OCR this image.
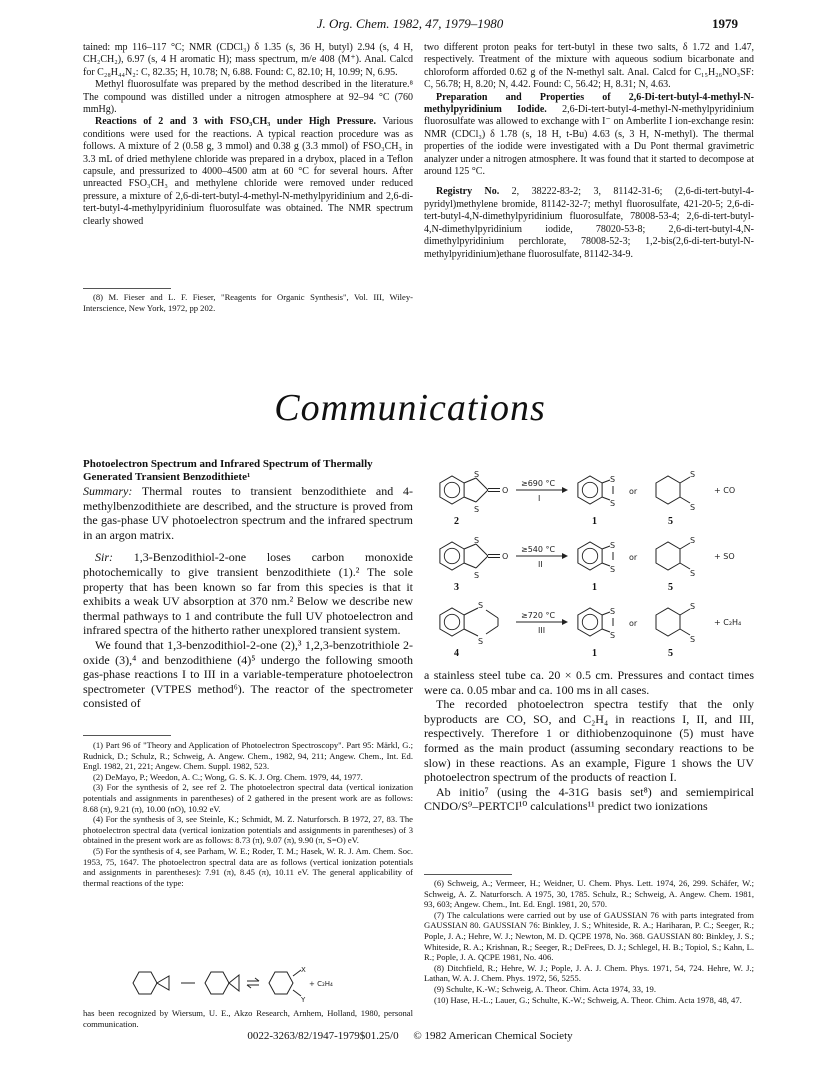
J. Org. Chem. 1982, 47, 1979–1980	1979

tained: mp 116–117 °C; NMR (CDCl₃) δ 1.35 (s, 36 H, butyl) 2.94 (s, 4 H, CH₂CH₂), 6.97 (s, 4 H aromatic H); mass spectrum, m/e 408 (M⁺). Anal. Calcd for C₂₈H₄₄N₂: C, 82.35; H, 10.78; N, 6.88. Found: C, 82.10; H, 10.99; N, 6.95.

Methyl fluorosulfate was prepared by the method described in the literature.⁸ The compound was distilled under a nitrogen atmosphere at 92–94 °C (760 mmHg).

Reactions of 2 and 3 with FSO₃CH₃ under High Pressure. Various conditions were used for the reactions. A typical reaction procedure was as follows. A mixture of 2 (0.58 g, 3 mmol) and 0.38 g (3.3 mmol) of FSO₃CH₃ in 3.3 mL of dried methylene chloride was prepared in a drybox, placed in a Teflon capsule, and pressurized to 4000–4500 atm at 60 °C for several hours. After unreacted FSO₃CH₃ and methylene chloride were removed under reduced pressure, a mixture of 2,6-di-tert-butyl-4-methyl-N-methylpyridinium and 2,6-di-tert-butyl-4-methylpyridinium fluorosulfate was obtained. The NMR spectrum clearly showed

(8) M. Fieser and L. F. Fieser, "Reagents for Organic Synthesis", Vol. III, Wiley-Interscience, New York, 1972, pp 202.

two different proton peaks for tert-butyl in these two salts, δ 1.72 and 1.47, respectively. Treatment of the mixture with aqueous sodium bicarbonate and chloroform afforded 0.62 g of the N-methyl salt. Anal. Calcd for C₁₅H₂₆NO₃SF: C, 56.78; H, 8.20; N, 4.42. Found: C, 56.42; H, 8.31; N, 4.63.

Preparation and Properties of 2,6-Di-tert-butyl-4-methyl-N-methylpyridinium Iodide. 2,6-Di-tert-butyl-4-methyl-N-methylpyridinium fluorosulfate was allowed to exchange with I⁻ on Amberlite I ion-exchange resin: NMR (CDCl₃) δ 1.78 (s, 18 H, t-Bu) 4.63 (s, 3 H, N-methyl). The thermal properties of the iodide were investigated with a Du Pont thermal gravimetric analyzer under a nitrogen atmosphere. It was found that it started to decompose at around 125 °C.

Registry No. 2, 38222-83-2; 3, 81142-31-6; (2,6-di-tert-butyl-4-pyridyl)methylene bromide, 81142-32-7; methyl fluorosulfate, 421-20-5; 2,6-di-tert-butyl-4,N-dimethylpyridinium fluorosulfate, 78008-53-4; 2,6-di-tert-butyl-4,N-dimethylpyridinium iodide, 78020-53-8; 2,6-di-tert-butyl-4,N-dimethylpyridinium perchlorate, 78008-52-3; 1,2-bis(2,6-di-tert-butyl-N-methylpyridinium)ethane fluorosulfate, 81142-34-9.

Communications

Photoelectron Spectrum and Infrared Spectrum of Thermally Generated Transient Benzodithiete¹

Summary: Thermal routes to transient benzodithiete and 4-methylbenzodithiete are described, and the structure is proved from the gas-phase UV photoelectron spectrum and the infrared spectrum in an argon matrix.

Sir: 1,3-Benzodithiol-2-one loses carbon monoxide photochemically to give transient benzodithiete (1).² The sole property that has been known so far from this species is that it exhibits a weak UV absorption at 370 nm.² Below we describe new thermal pathways to 1 and contribute the full UV photoelectron and infrared spectra of the hitherto rather unexplored transient system.

We found that 1,3-benzodithiol-2-one (2),³ 1,2,3-benzotrithiole 2-oxide (3),⁴ and benzodithiene (4)⁵ undergo the following smooth gas-phase reactions I to III in a variable-temperature photoelectron spectrometer (VTPES method⁶). The reactor of the spectrometer consisted of

(1) Part 96 of "Theory and Application of Photoelectron Spectroscopy". Part 95: Märkl, G.; Rudnick, D.; Schulz, R.; Schweig, A. Angew. Chem., 1982, 94, 211; Angew. Chem., Int. Ed. Engl. 1982, 21, 221; Angew. Chem. Suppl. 1982, 523.

(2) DeMayo, P.; Weedon, A. C.; Wong, G. S. K. J. Org. Chem. 1979, 44, 1977.

(3) For the synthesis of 2, see ref 2. The photoelectron spectral data (vertical ionization potentials and assignments in parentheses) of 2 gathered in the present work are as follows: 8.68 (π), 9.21 (π), 10.00 (nO), 10.92 eV.

(4) For the synthesis of 3, see Steinle, K.; Schmidt, M. Z. Naturforsch. B 1972, 27, 83. The photoelectron spectral data (vertical ionization potentials and assignments in parentheses) of 3 obtained in the present work are as follows: 8.73 (π), 9.07 (π), 9.90 (π, S=O) eV.

(5) For the synthesis of 4, see Parham, W. E.; Roder, T. M.; Hasek, W. R. J. Am. Chem. Soc. 1953, 75, 1647. The photoelectron spectral data are as follows (vertical ionization potentials and assignments in parentheses): 7.91 (π), 8.45 (π), 10.11 eV. The general applicability of thermal reactions of the type:

X
Y
+ C₂H₄

has been recognized by Wiersum, U. E., Akzo Research, Arnhem, Holland, 1980, personal communication.

S
S
O
2
≥690 °C
I
S
S
1
or
S
S
5
+ CO
S
S
O
3
≥540 °C
II
S
S
1
or
S
S
5
+ SO
S
S
4
≥720 °C
III
S
S
1
or
S
S
5
+ C₂H₄

a stainless steel tube ca. 20 × 0.5 cm. Pressures and contact times were ca. 0.05 mbar and ca. 100 ms in all cases.

The recorded photoelectron spectra testify that the only byproducts are CO, SO, and C₂H₄ in reactions I, II, and III, respectively. Therefore 1 or dithiobenzoquinone (5) must have formed as the main product (assuming secondary reactions to be slow) in these reactions. As an example, Figure 1 shows the UV photoelectron spectrum of the products of reaction I.

Ab initio⁷ (using the 4-31G basis set⁸) and semiempirical CNDO/S⁹–PERTCI¹⁰ calculations¹¹ predict two ionizations

(6) Schweig, A.; Vermeer, H.; Weidner, U. Chem. Phys. Lett. 1974, 26, 299. Schäfer, W.; Schweig, A. Z. Naturforsch. A 1975, 30, 1785. Schulz, R.; Schweig, A. Angew. Chem. 1981, 93, 603; Angew. Chem., Int. Ed. Engl. 1981, 20, 570.

(7) The calculations were carried out by use of GAUSSIAN 76 with parts integrated from GAUSSIAN 80. GAUSSIAN 76: Binkley, J. S.; Whiteside, R. A.; Hariharan, P. C.; Seeger, R.; Pople, J. A.; Hehre, W. J.; Newton, M. D. QCPE 1978, No. 368. GAUSSIAN 80: Binkley, J. S.; Whiteside, R. A.; Krishnan, R.; Seeger, R.; DeFrees, D. J.; Schlegel, H. B.; Topiol, S.; Kahn, L. R.; Pople, J. A. QCPE 1981, No. 406.

(8) Ditchfield, R.; Hehre, W. J.; Pople, J. A. J. Chem. Phys. 1971, 54, 724. Hehre, W. J.; Lathan, W. A. J. Chem. Phys. 1972, 56, 5255.

(9) Schulte, K.-W.; Schweig, A. Theor. Chim. Acta 1974, 33, 19.

(10) Hase, H.-L.; Lauer, G.; Schulte, K.-W.; Schweig, A. Theor. Chim. Acta 1978, 48, 47.

0022-3263/82/1947-1979$01.25/0 © 1982 American Chemical Society
